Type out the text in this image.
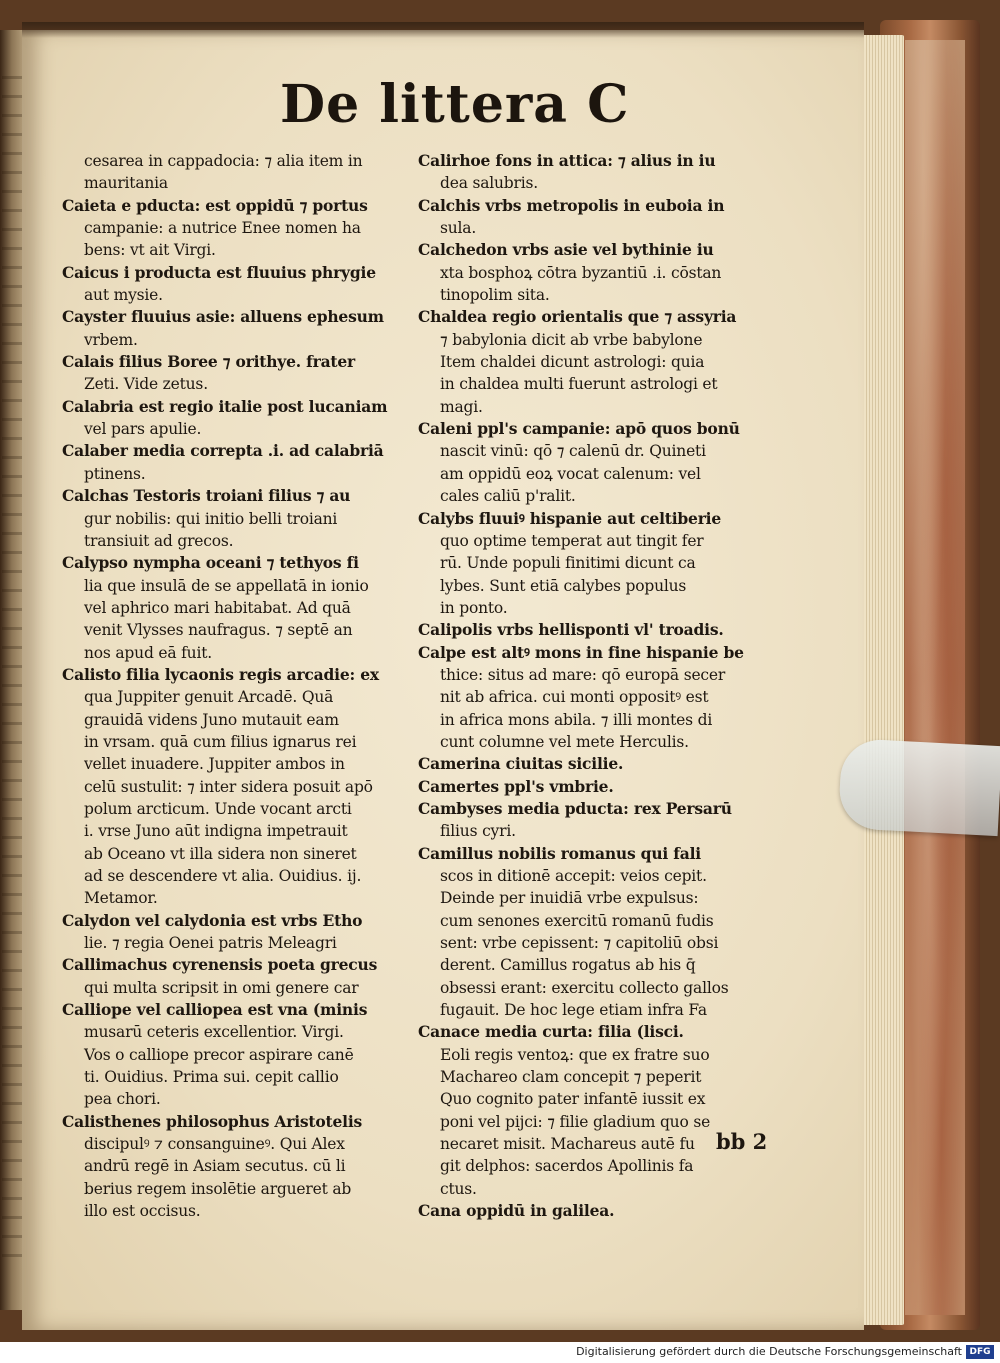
De littera C
cesarea in cappadocia: ⁊ alia item in
mauritania
Caieta e pducta: est oppidū ⁊ portus
campanie: a nutrice Enee nomen ha
bens: vt ait Virgi.
Caicus i producta est fluuius phrygie
aut mysie.
Cayster fluuius asie: alluens ephesum
vrbem.
Calais filius Boree ⁊ orithye. frater
Zeti. Vide zetus.
Calabria est regio italie post lucaniam
vel pars apulie.
Calaber media correpta .i. ad calabriā
ptinens.
Calchas Testoris troiani filius ⁊ au
gur nobilis: qui initio belli troiani
transiuit ad grecos.
Calypso nympha oceani ⁊ tethyos fi
lia que insulā de se appellatā in ionio
vel aphrico mari habitabat. Ad quā
venit Vlysses naufragus. ⁊ septē an
nos apud eā fuit.
Calisto filia lycaonis regis arcadie: ex
qua Juppiter genuit Arcadē. Quā
grauidā videns Juno mutauit eam
in vrsam. quā cum filius ignarus rei
vellet inuadere. Juppiter ambos in
celū sustulit: ⁊ inter sidera posuit apō
polum arcticum. Unde vocant arcti
i. vrse Juno aūt indigna impetrauit
ab Oceano vt illa sidera non sineret
ad se descendere vt alia. Ouidius. ij.
Metamor.
Calydon vel calydonia est vrbs Etho
lie. ⁊ regia Oenei patris Meleagri
Callimachus cyrenensis poeta grecus
qui multa scripsit in omi genere car
Calliope vel calliopea est vna (minis
musarū ceteris excellentior. Virgi.
Vos o calliope precor aspirare canē
ti. Ouidius. Prima sui. cepit callio
pea chori.
Calisthenes philosophus Aristotelis
discipulꝰ ⁊ consanguineꝰ. Qui Alex
andrū regē in Asiam secutus. cū li
berius regem insolētie argueret ab
illo est occisus.
Calirhoe fons in attica: ⁊ alius in iu
dea salubris.
Calchis vrbs metropolis in euboia in
sula.
Calchedon vrbs asie vel bythinie iu
xta bosphoꝝ cōtra byzantiū .i. cōstan
tinopolim sita.
Chaldea regio orientalis que ⁊ assyria
⁊ babylonia dicit ab vrbe babylone
Item chaldei dicunt astrologi: quia
in chaldea multi fuerunt astrologi et
magi.
Caleni ppl's campanie: apō quos bonū
nascit vinū: qō ⁊ calenū dr. Quineti
am oppidū eoꝝ vocat calenum: vel
cales caliū p'ralit.
Calybs fluuiꝰ hispanie aut celtiberie
quo optime temperat aut tingit fer
rū. Unde populi finitimi dicunt ca
lybes. Sunt etiā calybes populus
in ponto.
Calipolis vrbs hellisponti vl' troadis.
Calpe est altꝰ mons in fine hispanie be
thice: situs ad mare: qō europā secer
nit ab africa. cui monti oppositꝰ est
in africa mons abila. ⁊ illi montes di
cunt columne vel mete Herculis.
Camerina ciuitas sicilie.
Camertes ppl's vmbrie.
Cambyses media pducta: rex Persarū
filius cyri.
Camillus nobilis romanus qui fali
scos in ditionē accepit: veios cepit.
Deinde per inuidiā vrbe expulsus:
cum senones exercitū romanū fudis
sent: vrbe cepissent: ⁊ capitoliū obsi
derent. Camillus rogatus ab his q̄
obsessi erant: exercitu collecto gallos
fugauit. De hoc lege etiam infra Fa
Canace media curta: filia (lisci.
Eoli regis ventoꝝ: que ex fratre suo
Machareo clam concepit ⁊ peperit
Quo cognito pater infantē iussit ex
poni vel pijci: ⁊ filie gladium quo se
necaret misit. Machareus autē fu
git delphos: sacerdos Apollinis fa
ctus.
Cana oppidū in galilea.
bb 2
Digitalisierung gefördert durch die Deutsche Forschungsgemeinschaft DFG
